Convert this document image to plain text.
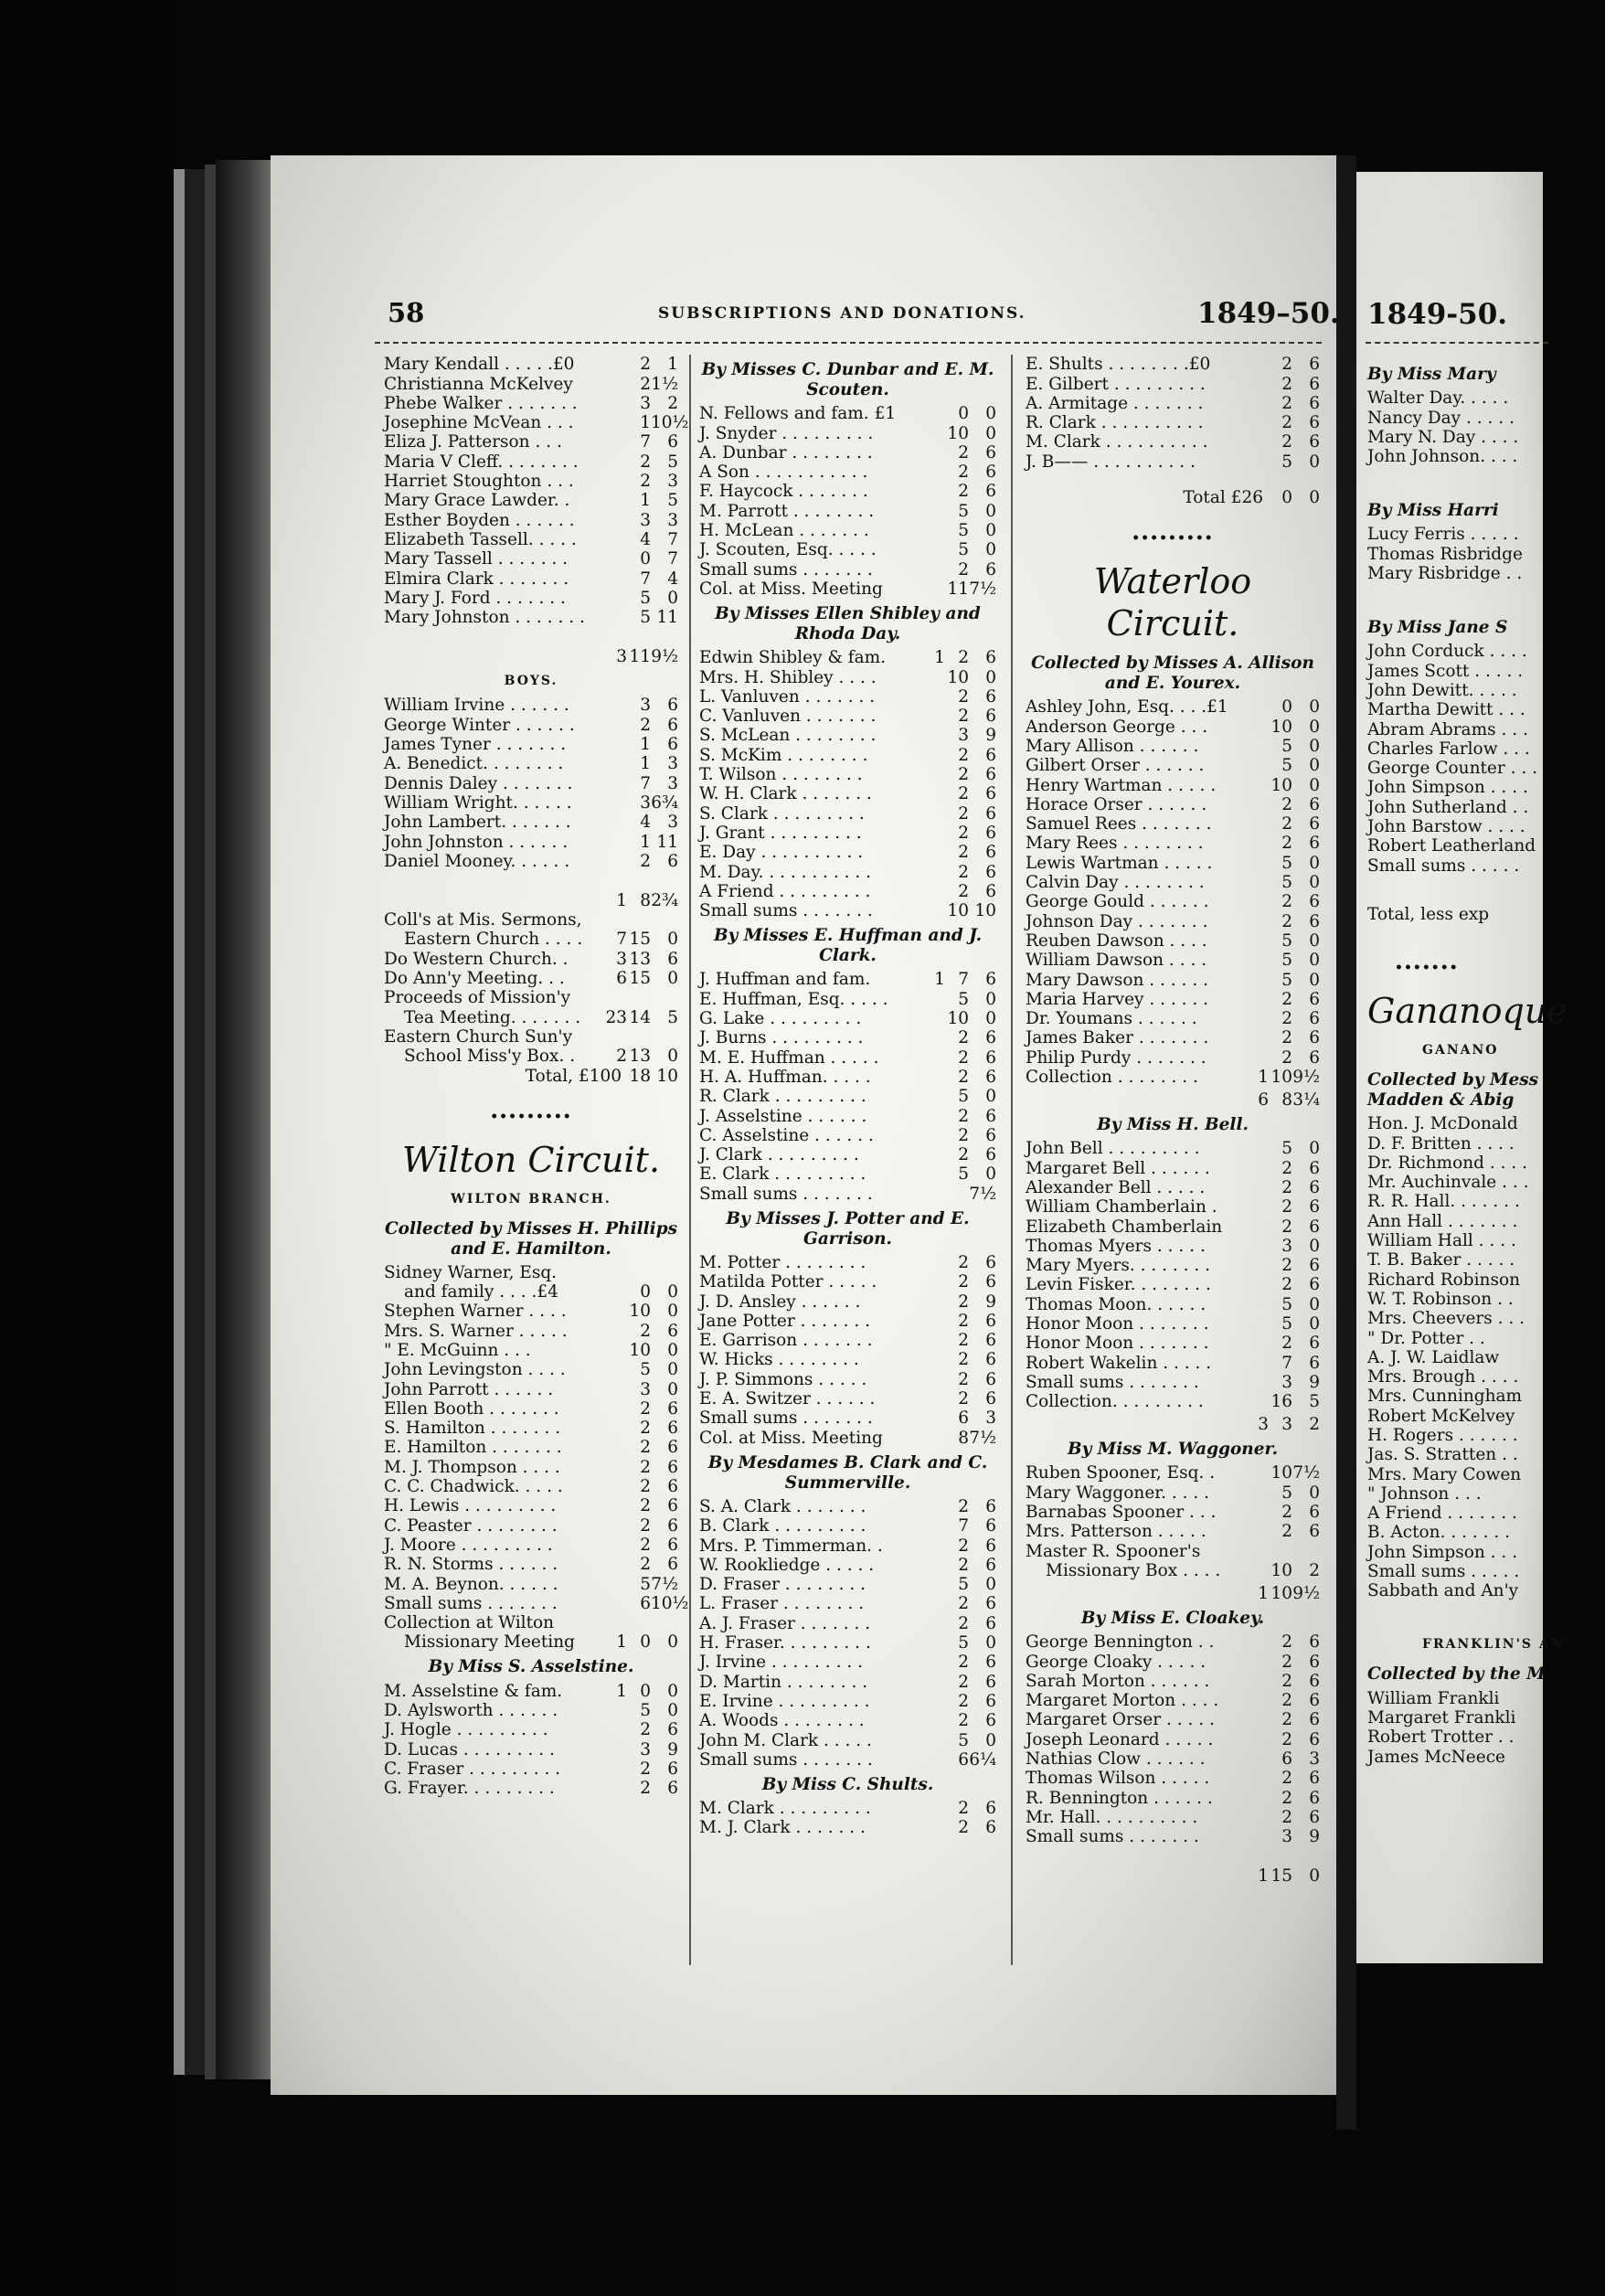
1849-50.
By Miss Mary
Walter Day. . . . .
Nancy Day . . . . .
Mary N. Day . . . .
John Johnson. . . .
By Miss Harri
Lucy Ferris . . . . .
Thomas Risbridge
Mary Risbridge . .
By Miss Jane S
John Corduck . . . .
James Scott . . . . .
John Dewitt. . . . .
Martha Dewitt . . .
Abram Abrams . . .
Charles Farlow . . .
George Counter . . .
John Simpson . . . .
John Sutherland . .
John Barstow . . . .
Robert Leatherland
Small sums . . . . .
Total, less exp
•••••••
Gananoque
GANANO
Collected by Mess Madden & Abig
Hon. J. McDonald
D. F. Britten . . . .
Dr. Richmond . . . .
Mr. Auchinvale . . .
R. R. Hall. . . . . . .
Ann Hall . . . . . . .
William Hall . . . .
T. B. Baker . . . . .
Richard Robinson
W. T. Robinson . .
Mrs. Cheevers . . .
" Dr. Potter . .
A. J. W. Laidlaw
Mrs. Brough . . . .
Mrs. Cunningham
Robert McKelvey
H. Rogers . . . . . .
Jas. S. Stratten . .
Mrs. Mary Cowen
" Johnson . . .
A Friend . . . . . . .
B. Acton. . . . . . .
John Simpson . . .
Small sums . . . . .
Sabbath and An'y
FRANKLIN'S AN
Collected by the M
William Frankli
Margaret Frankli
Robert Trotter . .
James McNeece
58	SUBSCRIPTIONS AND DONATIONS.	1849–50.
Mary Kendall . . . . .£0	2 1
Christianna McKelvey	2 1½
Phebe Walker . . . . . . .	3 2
Josephine McVean . . .	1 10½
Eliza J. Patterson . . .	7 6
Maria V Cleff. . . . . . . .	2 5
Harriet Stoughton . . .	2 3
Mary Grace Lawder. .	1 5
Esther Boyden . . . . . .	3 3
Elizabeth Tassell. . . . .	4 7
Mary Tassell . . . . . . .	0 7
Elmira Clark . . . . . . .	7 4
Mary J. Ford . . . . . . .	5 0
Mary Johnston . . . . . . .	5 11
3 11 9½
BOYS.
William Irvine . . . . . .	3 6
George Winter . . . . . .	2 6
James Tyner . . . . . . .	1 6
A. Benedict. . . . . . . .	1 3
Dennis Daley . . . . . . .	7 3
William Wright. . . . . .	3 6¾
John Lambert. . . . . . .	4 3
John Johnston . . . . . .	1 11
Daniel Mooney. . . . . .	2 6
1 8 2¾
Coll's at Mis. Sermons,
Eastern Church . . . .	7 15 0
Do Western Church. .	3 13 6
Do Ann'y Meeting. . .	6 15 0
Proceeds of Mission'y
Tea Meeting. . . . . . .	23 14 5
Eastern Church Sun'y
School Miss'y Box. .	2 13 0
Total, £100 18 10
•••••••••
Wilton Circuit.
WILTON BRANCH.
Collected by Misses H. Phillips and E. Hamilton.
Sidney Warner, Esq.
and family . . . .£4	0 0
Stephen Warner . . . .	10 0
Mrs. S. Warner . . . . .	2 6
" E. McGuinn . . .	10 0
John Levingston . . . .	5 0
John Parrott . . . . . .	3 0
Ellen Booth . . . . . . .	2 6
S. Hamilton . . . . . . .	2 6
E. Hamilton . . . . . . .	2 6
M. J. Thompson . . . .	2 6
C. C. Chadwick. . . . .	2 6
H. Lewis . . . . . . . . .	2 6
C. Peaster . . . . . . . .	2 6
J. Moore . . . . . . . . .	2 6
R. N. Storms . . . . . .	2 6
M. A. Beynon. . . . . .	5 7½
Small sums . . . . . . .	6 10½
Collection at Wilton
Missionary Meeting	1 0 0
By Miss S. Asselstine.
M. Asselstine & fam.	1 0 0
D. Aylsworth . . . . . .	5 0
J. Hogle . . . . . . . . .	2 6
D. Lucas . . . . . . . . .	3 9
C. Fraser . . . . . . . . .	2 6
G. Frayer. . . . . . . . .	2 6
By Misses C. Dunbar and E. M. Scouten.
N. Fellows and fam. £1	0 0
J. Snyder . . . . . . . . .	10 0
A. Dunbar . . . . . . . .	2 6
A Son . . . . . . . . . . .	2 6
F. Haycock . . . . . . .	2 6
M. Parrott . . . . . . . .	5 0
H. McLean . . . . . . .	5 0
J. Scouten, Esq. . . . .	5 0
Small sums . . . . . . .	2 6
Col. at Miss. Meeting	11 7½
By Misses Ellen Shibley and Rhoda Day.
Edwin Shibley & fam.	1 2 6
Mrs. H. Shibley . . . .	10 0
L. Vanluven . . . . . . .	2 6
C. Vanluven . . . . . . .	2 6
S. McLean . . . . . . . .	3 9
S. McKim . . . . . . . .	2 6
T. Wilson . . . . . . . .	2 6
W. H. Clark . . . . . . .	2 6
S. Clark . . . . . . . . .	2 6
J. Grant . . . . . . . . .	2 6
E. Day . . . . . . . . . .	2 6
M. Day. . . . . . . . . . .	2 6
A Friend . . . . . . . . .	2 6
Small sums . . . . . . .	10 10
By Misses E. Huffman and J. Clark.
J. Huffman and fam.	1 7 6
E. Huffman, Esq. . . . .	5 0
G. Lake . . . . . . . . .	10 0
J. Burns . . . . . . . . .	2 6
M. E. Huffman . . . . .	2 6
H. A. Huffman. . . . .	2 6
R. Clark . . . . . . . . .	5 0
J. Asselstine . . . . . .	2 6
C. Asselstine . . . . . .	2 6
J. Clark . . . . . . . . .	2 6
E. Clark . . . . . . . . .	5 0
Small sums . . . . . . .	7½
By Misses J. Potter and E. Garrison.
M. Potter . . . . . . . .	2 6
Matilda Potter . . . . .	2 6
J. D. Ansley . . . . . .	2 9
Jane Potter . . . . . . .	2 6
E. Garrison . . . . . . .	2 6
W. Hicks . . . . . . . .	2 6
J. P. Simmons . . . . .	2 6
E. A. Switzer . . . . . .	2 6
Small sums . . . . . . .	6 3
Col. at Miss. Meeting	8 7½
By Mesdames B. Clark and C. Summerville.
S. A. Clark . . . . . . .	2 6
B. Clark . . . . . . . . .	7 6
Mrs. P. Timmerman. .	2 6
W. Rookliedge . . . . .	2 6
D. Fraser . . . . . . . .	5 0
L. Fraser . . . . . . . .	2 6
A. J. Fraser . . . . . . .	2 6
H. Fraser. . . . . . . . .	5 0
J. Irvine . . . . . . . . .	2 6
D. Martin . . . . . . . .	2 6
E. Irvine . . . . . . . . .	2 6
A. Woods . . . . . . . .	2 6
John M. Clark . . . . .	5 0
Small sums . . . . . . .	6 6¼
By Miss C. Shults.
M. Clark . . . . . . . . .	2 6
M. J. Clark . . . . . . .	2 6
E. Shults . . . . . . . .£0	2 6
E. Gilbert . . . . . . . . .	2 6
A. Armitage . . . . . . .	2 6
R. Clark . . . . . . . . . .	2 6
M. Clark . . . . . . . . . .	2 6
J. B—— . . . . . . . . . .	5 0
Total £26	0 0
•••••••••
Waterloo Circuit.
Collected by Misses A. Allison and E. Yourex.
Ashley John, Esq. . . .£1	0 0
Anderson George . . .	10 0
Mary Allison . . . . . .	5 0
Gilbert Orser . . . . . .	5 0
Henry Wartman . . . . .	10 0
Horace Orser . . . . . .	2 6
Samuel Rees . . . . . . .	2 6
Mary Rees . . . . . . . .	2 6
Lewis Wartman . . . . .	5 0
Calvin Day . . . . . . . .	5 0
George Gould . . . . . .	2 6
Johnson Day . . . . . . .	2 6
Reuben Dawson . . . .	5 0
William Dawson . . . .	5 0
Mary Dawson . . . . . .	5 0
Maria Harvey . . . . . .	2 6
Dr. Youmans . . . . . .	2 6
James Baker . . . . . . .	2 6
Philip Purdy . . . . . . .	2 6
Collection . . . . . . . .	1 10 9½
6 8 3¼
By Miss H. Bell.
John Bell . . . . . . . . .	5 0
Margaret Bell . . . . . .	2 6
Alexander Bell . . . . .	2 6
William Chamberlain .	2 6
Elizabeth Chamberlain	2 6
Thomas Myers . . . . .	3 0
Mary Myers. . . . . . . .	2 6
Levin Fisker. . . . . . . .	2 6
Thomas Moon. . . . . .	5 0
Honor Moon . . . . . . .	5 0
Honor Moon . . . . . . .	2 6
Robert Wakelin . . . . .	7 6
Small sums . . . . . . .	3 9
Collection. . . . . . . . .	16 5
3 3 2
By Miss M. Waggoner.
Ruben Spooner, Esq. .	10 7½
Mary Waggoner. . . . .	5 0
Barnabas Spooner . . .	2 6
Mrs. Patterson . . . . .	2 6
Master R. Spooner's
Missionary Box . . . .	10 2
1 10 9½
By Miss E. Cloakey.
George Bennington . .	2 6
George Cloaky . . . . .	2 6
Sarah Morton . . . . . .	2 6
Margaret Morton . . . .	2 6
Margaret Orser . . . . .	2 6
Joseph Leonard . . . . .	2 6
Nathias Clow . . . . . .	6 3
Thomas Wilson . . . . .	2 6
R. Bennington . . . . . .	2 6
Mr. Hall. . . . . . . . . .	2 6
Small sums . . . . . . .	3 9
1 15 0
